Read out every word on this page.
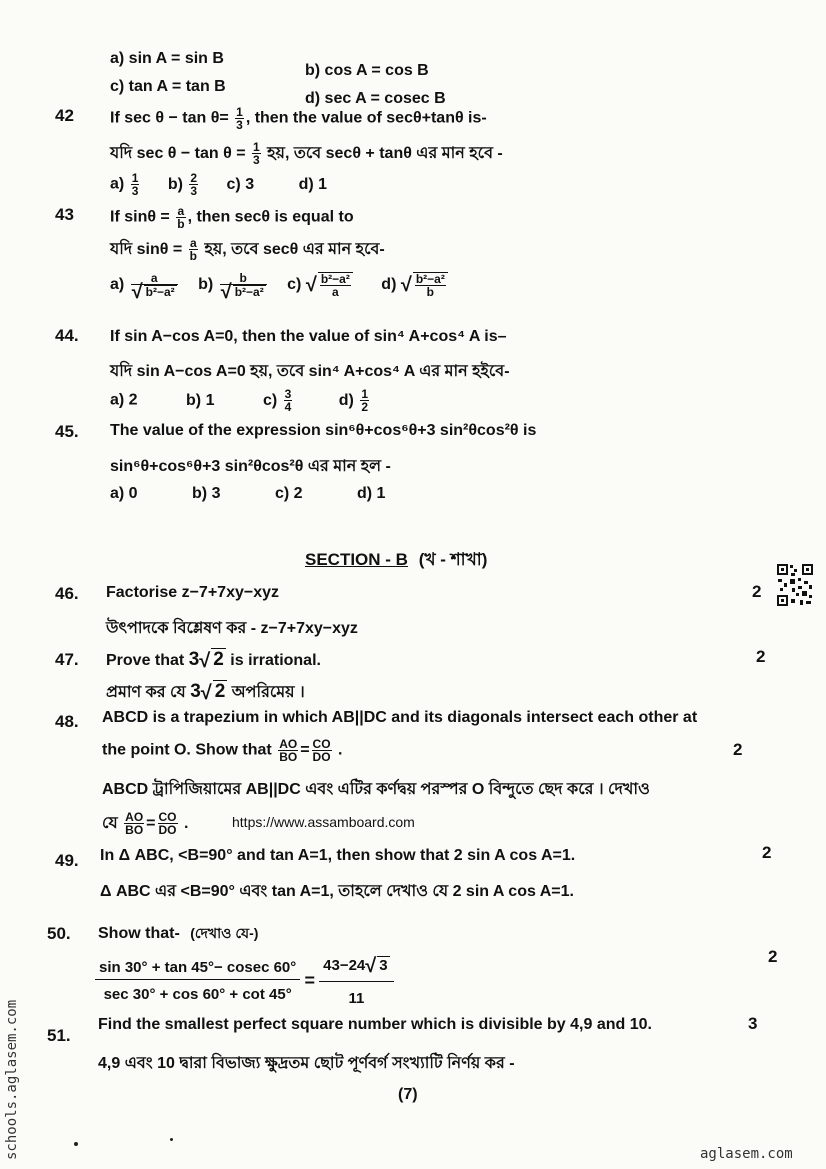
a) sin A = sin B
b) cos A = cos B
c) tan A = tan B
d) sec A = cosec B
42 If $\sec \theta - \tan \theta= \frac{1}{3}$ , then the value of secθ+tanθ is-
যদি $\sec \theta - \tan \theta = \frac{1}{3}$ হয়, তবে secθ + tanθ এর মান হবে -
$a) \frac{1}{3} b) \frac{2}{3} c$) 3	d) 1
43 If $\sin\theta = \frac{a}{b}$ , then secθ is equal to
যদি $\sin\theta = \frac{a}{b}$ হয়, তবে secθ এর মান হবে-
$a) \frac{a}{\text{√ b²−a²}} b) \frac{b}{\text{√ b²−a²}} c$) √ $\frac{\text{b²−a²}}{a} d$) √ $\frac{\text{b²−a²}}{b}$
44. If sin A−cos A=0, then the value of sin⁴ A+cos⁴ A is–
যদি sin A−cos A=0 হয়, তবে sin⁴ A+cos⁴ A এর মান হইবে-
a) 2	b) 1	$c) \frac{3}{4}$	$d) \frac{1}{2}$
45. The value of the expression sin⁶θ+cos⁶θ+3 sin²θcos²θ is
sin⁶θ+cos⁶θ+3 sin²θcos²θ এর মান হল -
a) 0	b) 3	c) 2	d) 1
SECTION - B (খ - শাখা)
46. Factorise z−7+7xy−xyz
উৎপাদকে বিশ্লেষণ কর - z−7+7xy−xyz
2
47. Prove that 3√ 2 is irrational.
প্রমাণ কর যে 3√ 2 অপরিমেয় ।
2
48. ABCD is a trapezium in which AB||DC and its diagonals intersect each other at
the point O. Show that $\frac{AO}{BO} = \frac{CO}{DO}$ .	2
ABCD ট্ৰাপিজিয়ামের AB||DC এবং এটির কর্ণদ্বয় পরস্পর O বিন্দুতে ছেদ করে । দেখাও
যে $\frac{AO}{BO} = \frac{CO}{DO}$ .	https://www.assamboard.com
49. In Δ ABC, <B=90° and tan A=1, then show that 2 sin A cos A=1.
Δ ABC এর <B=90° এবং tan A=1, তাহলে দেখাও যে 2 sin A cos A=1.
2
50. Show that- (দেখাও যে-)
sin 30° + tan 45°− cosec 60°
sec 30° + cos 60° + cot 45°
= $\frac{43-24√ 3}{11}$	2
51.
Find the smallest perfect square number which is divisible by 4,9 and 10.
4,9 এবং 10 দ্বারা বিভাজ্য ক্ষুদ্রতম ছোট পূর্ণবর্গ সংখ্যাটি নির্ণয় কর -
3
(7)
aglasem.com
schools.aglasem.com
